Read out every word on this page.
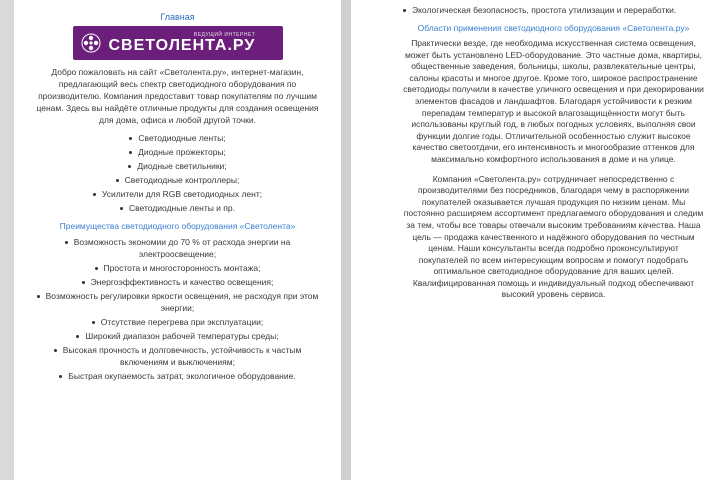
Главная
ВЕДУЩИЙ ИНТЕРНЕТ
СВЕТОЛЕНТА.РУ

Добро пожаловать на сайт «Светолента.ру», интернет-магазин, предлагающий весь спектр светодиодного оборудования по производителю. Компания предоставит товар покупателям по лучшим ценам. Здесь вы найдёте отличные продукты для создания освещения для дома, офиса и любой другой точки.

Светодиодные ленты;
Диодные прожекторы;
Диодные светильники;
Светодиодные контроллеры;
Усилители для RGB светодиодных лент;
Светодиодные ленты и пр.
Преимущества светодиодного оборудования «Светолента»
Возможность экономии до 70 % от расхода энергии на электроосвещение;
Простота и многосторонность монтажа;
Энергоэффективность и качество освещения;
Возможность регулировки яркости освещения, не расходуя при этом энергии;
Отсутствие перегрева при эксплуатации;
Широкий диапазон рабочей температуры среды;
Высокая прочность и долговечность, устойчивость к частым включениям и выключениям;
Быстрая окупаемость затрат, экологичное оборудование.
Экологическая безопасность, простота утилизации и переработки.
Области применения светодиодного оборудования «Светолента.ру»

Практически везде, где необходима искусственная система освещения, может быть установлено LED-оборудование. Это частные дома, квартиры, общественные заведения, больницы, школы, развлекательные центры, салоны красоты и многое другое. Кроме того, широкое распространение светодиоды получили в качестве уличного освещения и при декорировании элементов фасадов и ландшафтов. Благодаря устойчивости к резким перепадам температур и высокой влагозащищённости могут быть использованы круглый год, в любых погодных условиях, выполняя свои функции долгие годы. Отличительной особенностью служит высокое качество светоотдачи, его интенсивность и многообразие оттенков для максимально комфортного использования в доме и на улице.

Компания «Светолента.ру» сотрудничает непосредственно с производителями без посредников, благодаря чему в распоряжении покупателей оказывается лучшая продукция по низким ценам. Мы постоянно расширяем ассортимент предлагаемого оборудования и следим за тем, чтобы все товары отвечали высоким требованиям качества. Наша цель — продажа качественного и надёжного оборудования по честным ценам. Наши консультанты всегда подробно проконсультируют покупателей по всем интересующим вопросам и помогут подобрать оптимальное светодиодное оборудование для ваших целей. Квалифицированная помощь и индивидуальный подход обеспечивают высокий уровень сервиса.
